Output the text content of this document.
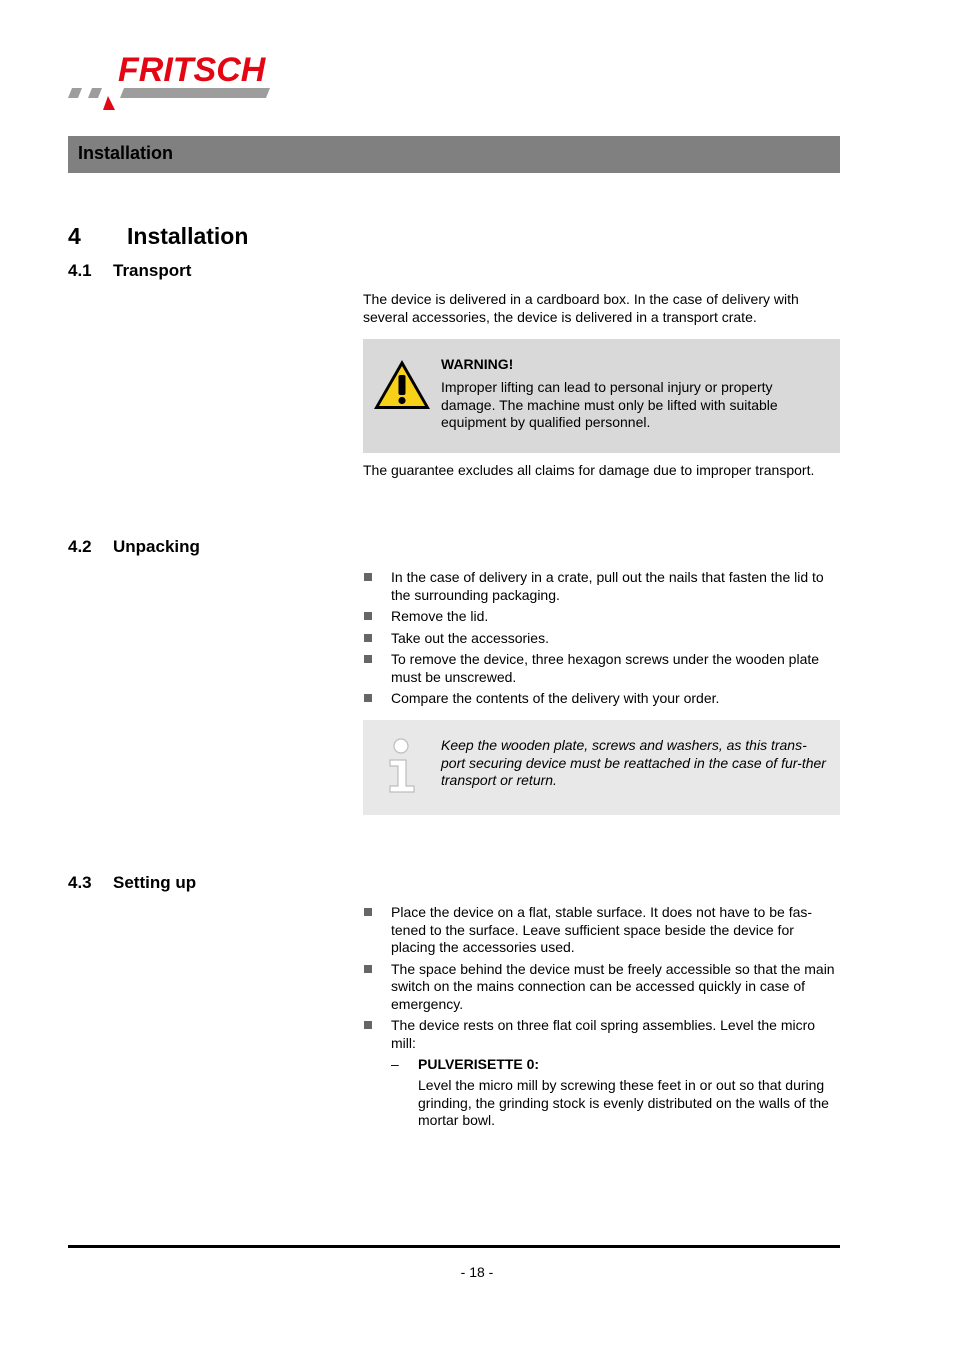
FRITSCH
Installation
4 Installation
4.1 Transport
The device is delivered in a cardboard box. In the case of delivery with several accessories, the device is delivered in a transport crate.
WARNING!
Improper lifting can lead to personal injury or property damage. The machine must only be lifted with suitable equipment by qualified personnel.
The guarantee excludes all claims for damage due to improper transport.
4.2 Unpacking
In the case of delivery in a crate, pull out the nails that fasten the lid to the surrounding packaging.
Remove the lid.
Take out the accessories.
To remove the device, three hexagon screws under the wooden plate must be unscrewed.
Compare the contents of the delivery with your order.
Keep the wooden plate, screws and washers, as this trans-port securing device must be reattached in the case of fur-ther transport or return.
4.3 Setting up
Place the device on a flat, stable surface. It does not have to be fas-tened to the surface. Leave sufficient space beside the device for placing the accessories used.
The space behind the device must be freely accessible so that the main switch on the mains connection can be accessed quickly in case of emergency.
The device rests on three flat coil spring assemblies. Level the micro mill:
– PULVERISETTE 0:
Level the micro mill by screwing these feet in or out so that during grinding, the grinding stock is evenly distributed on the walls of the mortar bowl.
- 18 -
